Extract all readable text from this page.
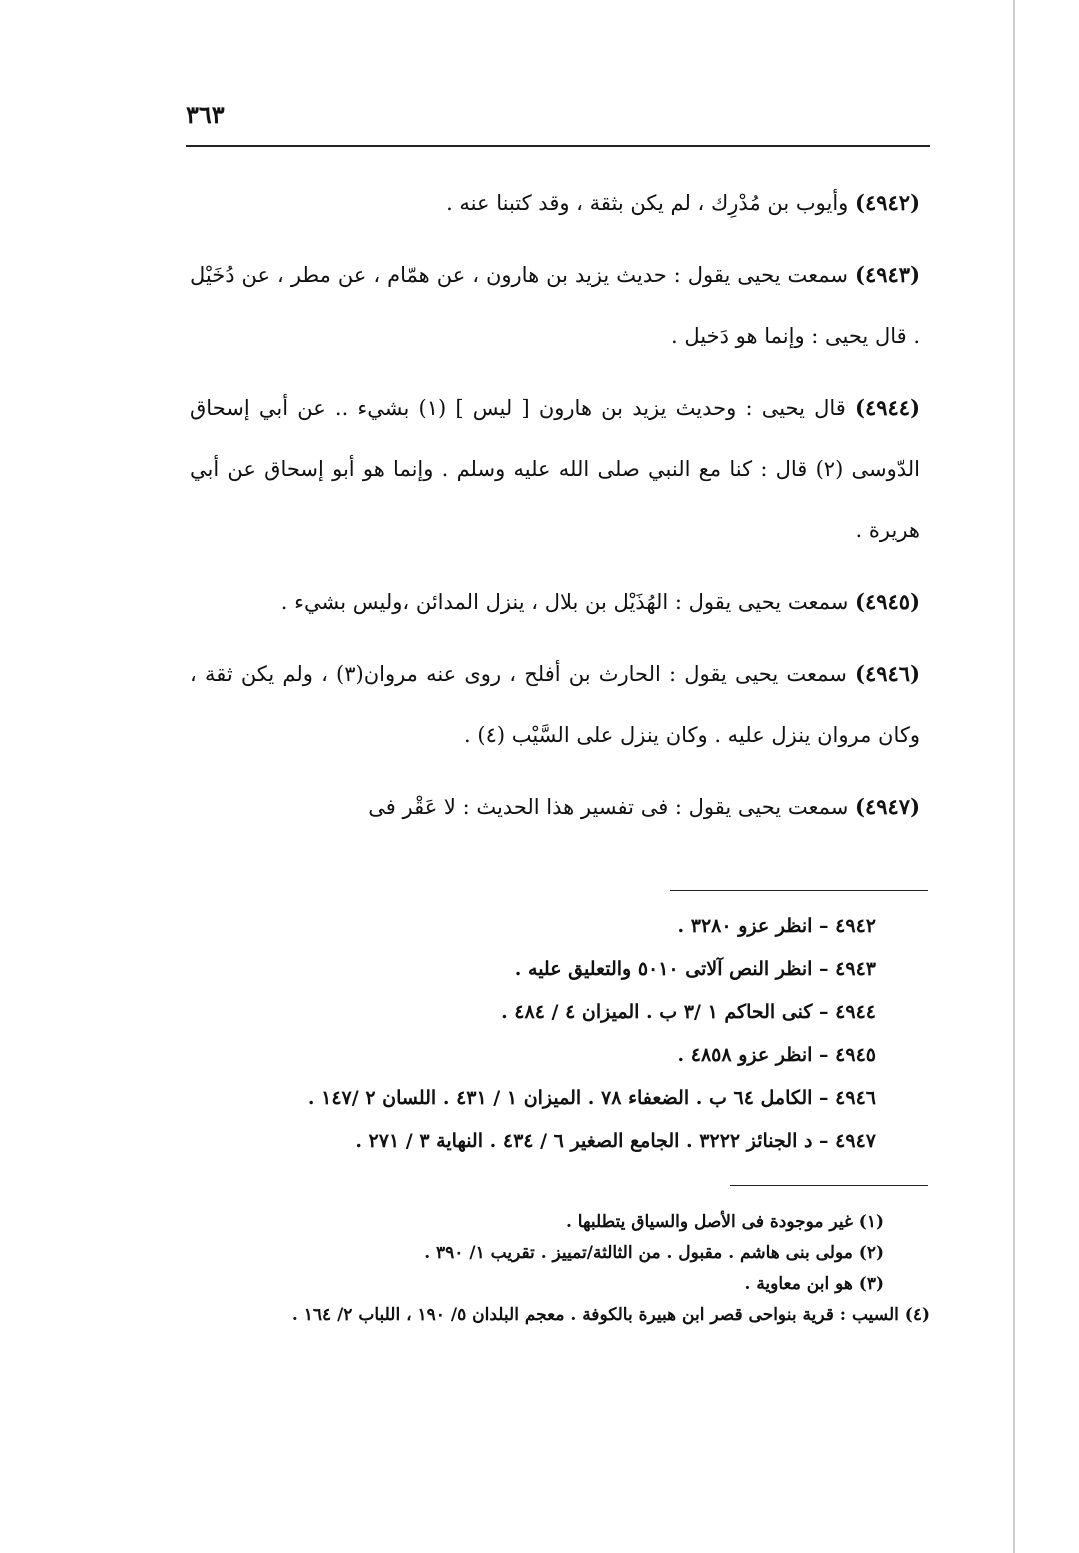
٣٦٣

(٤٩٤٢) وأيوب بن مُدْرِك ، لم يكن بثقة ، وقد كتبنا عنه .

(٤٩٤٣) سمعت يحيى يقول : حديث يزيد بن هارون ، عن همّام ، عن مطر ، عن دُخَيْل . قال يحيى : وإنما هو دَخيل .

(٤٩٤٤) قال يحيى : وحديث يزيد بن هارون [ ليس ] (١) بشيء .. عن أبي إسحاق الدّوسى (٢) قال : كنا مع النبي صلى الله عليه وسلم . وإنما هو أبو إسحاق عن أبي هريرة .

(٤٩٤٥) سمعت يحيى يقول : الهُذَيْل بن بلال ، ينزل المدائن ،وليس بشيء .

(٤٩٤٦) سمعت يحيى يقول : الحارث بن أفلح ، روى عنه مروان(٣) ، ولم يكن ثقة ، وكان مروان ينزل عليه . وكان ينزل على السَّيْب (٤) .

(٤٩٤٧) سمعت يحيى يقول : فى تفسير هذا الحديث : لا عَقْر فى

٤٩٤٢ – انظر عزو ٣٢٨٠ .
٤٩٤٣ – انظر النص آلاتى ٥٠١٠ والتعليق عليه .
٤٩٤٤ – كنى الحاكم ١ /٣ ب . الميزان ٤ / ٤٨٤ .
٤٩٤٥ – انظر عزو ٤٨٥٨ .
٤٩٤٦ – الكامل ٦٤ ب . الضعفاء ٧٨ . الميزان ١ / ٤٣١ . اللسان ٢ /١٤٧ .
٤٩٤٧ – د الجنائز ٣٢٢٢ . الجامع الصغير ٦ / ٤٣٤ . النهاية ٣ / ٢٧١ .
(١) غير موجودة فى الأصل والسياق يتطلبها .
(٢) مولى بنى هاشم . مقبول . من الثالثة/تمييز . تقريب ١/ ٣٩٠ .
(٣) هو ابن معاوية .
(٤) السيب : قرية بنواحى قصر ابن هبيرة بالكوفة . معجم البلدان ٥/ ١٩٠ ، اللباب ٢/ ١٦٤ .
